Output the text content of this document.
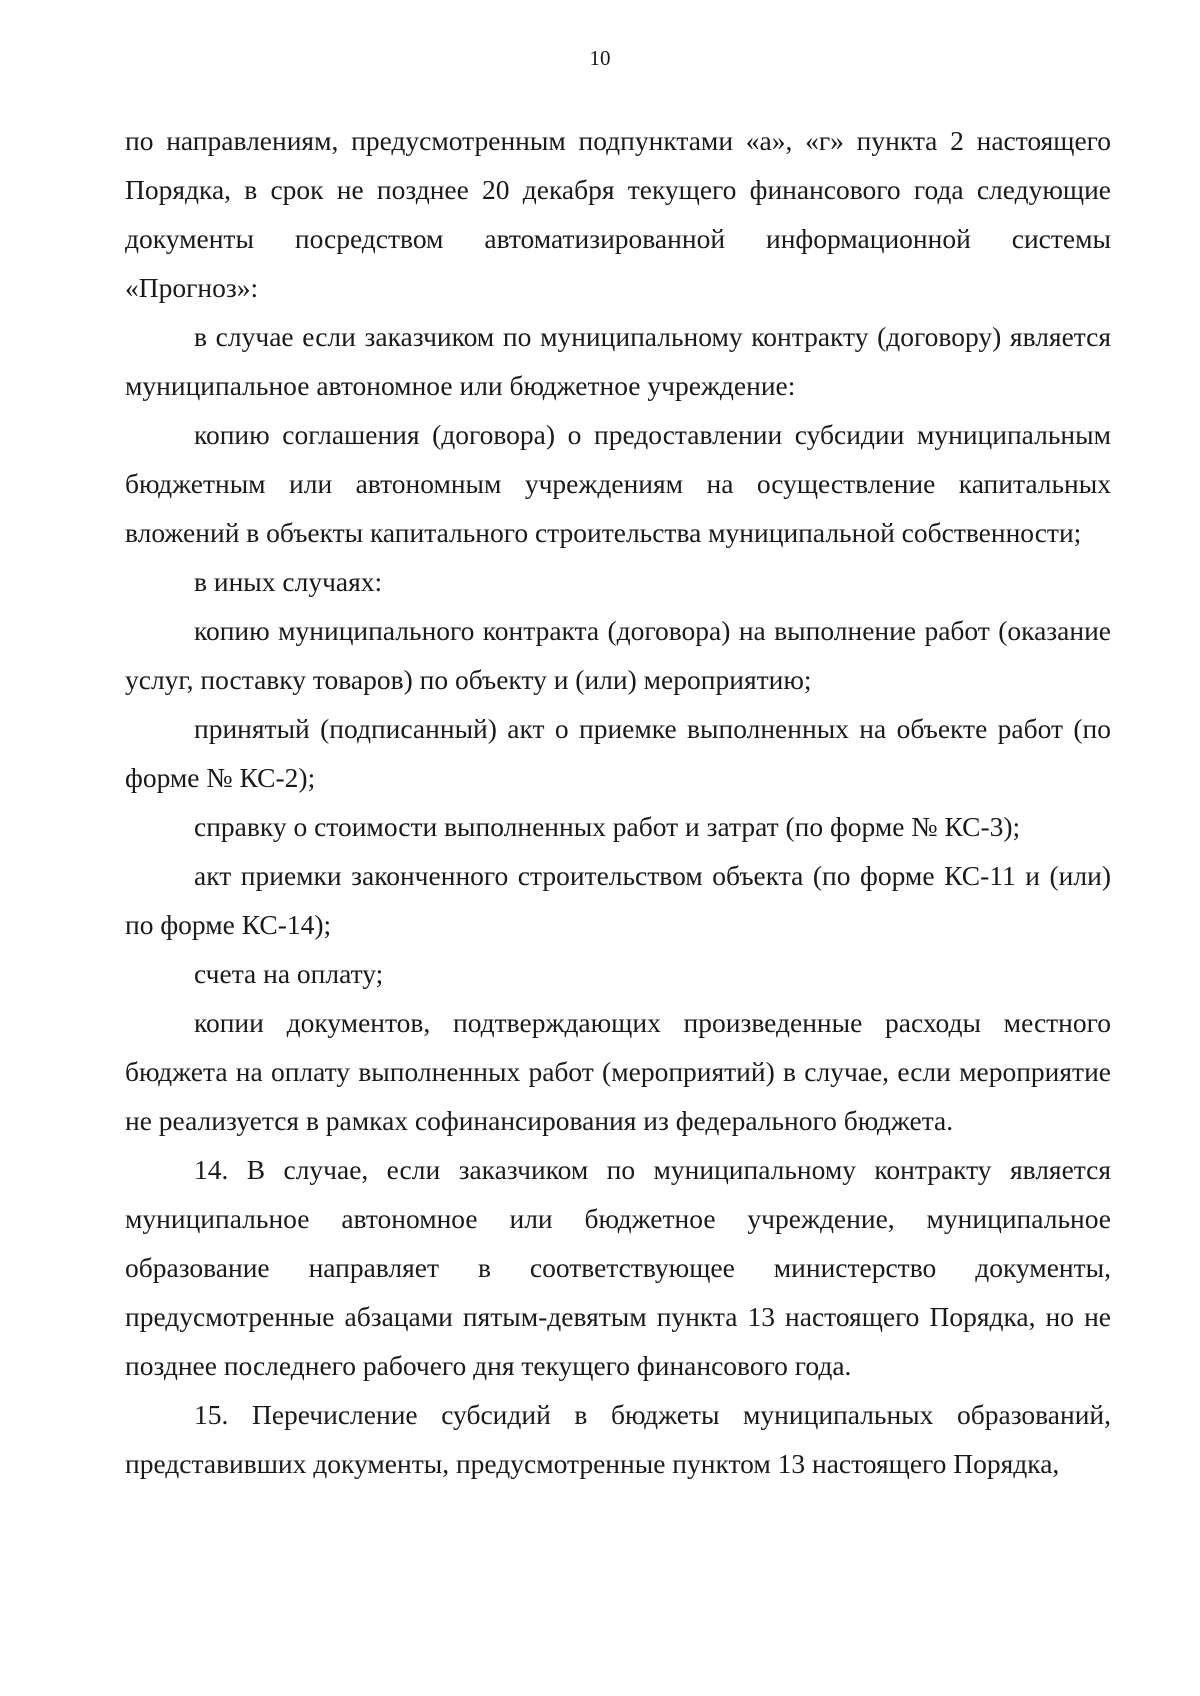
10

по направлениям, предусмотренным подпунктами «а», «г» пункта 2 настоящего Порядка, в срок не позднее 20 декабря текущего финансового года следующие документы посредством автоматизированной информационной системы «Прогноз»:

в случае если заказчиком по муниципальному контракту (договору) является муниципальное автономное или бюджетное учреждение:

копию соглашения (договора) о предоставлении субсидии муниципальным бюджетным или автономным учреждениям на осуществление капитальных вложений в объекты капитального строительства муниципальной собственности;

в иных случаях:

копию муниципального контракта (договора) на выполнение работ (оказание услуг, поставку товаров) по объекту и (или) мероприятию;

принятый (подписанный) акт о приемке выполненных на объекте работ (по форме № КС-2);

справку о стоимости выполненных работ и затрат (по форме № КС-3);

акт приемки законченного строительством объекта (по форме КС-11 и (или) по форме КС-14);

счета на оплату;

копии документов, подтверждающих произведенные расходы местного бюджета на оплату выполненных работ (мероприятий) в случае, если мероприятие не реализуется в рамках софинансирования из федерального бюджета.

14. В случае, если заказчиком по муниципальному контракту является муниципальное автономное или бюджетное учреждение, муниципальное образование направляет в соответствующее министерство документы, предусмотренные абзацами пятым-девятым пункта 13 настоящего Порядка, но не позднее последнего рабочего дня текущего финансового года.

15. Перечисление субсидий в бюджеты муниципальных образований, представивших документы, предусмотренные пунктом 13 настоящего Порядка,
